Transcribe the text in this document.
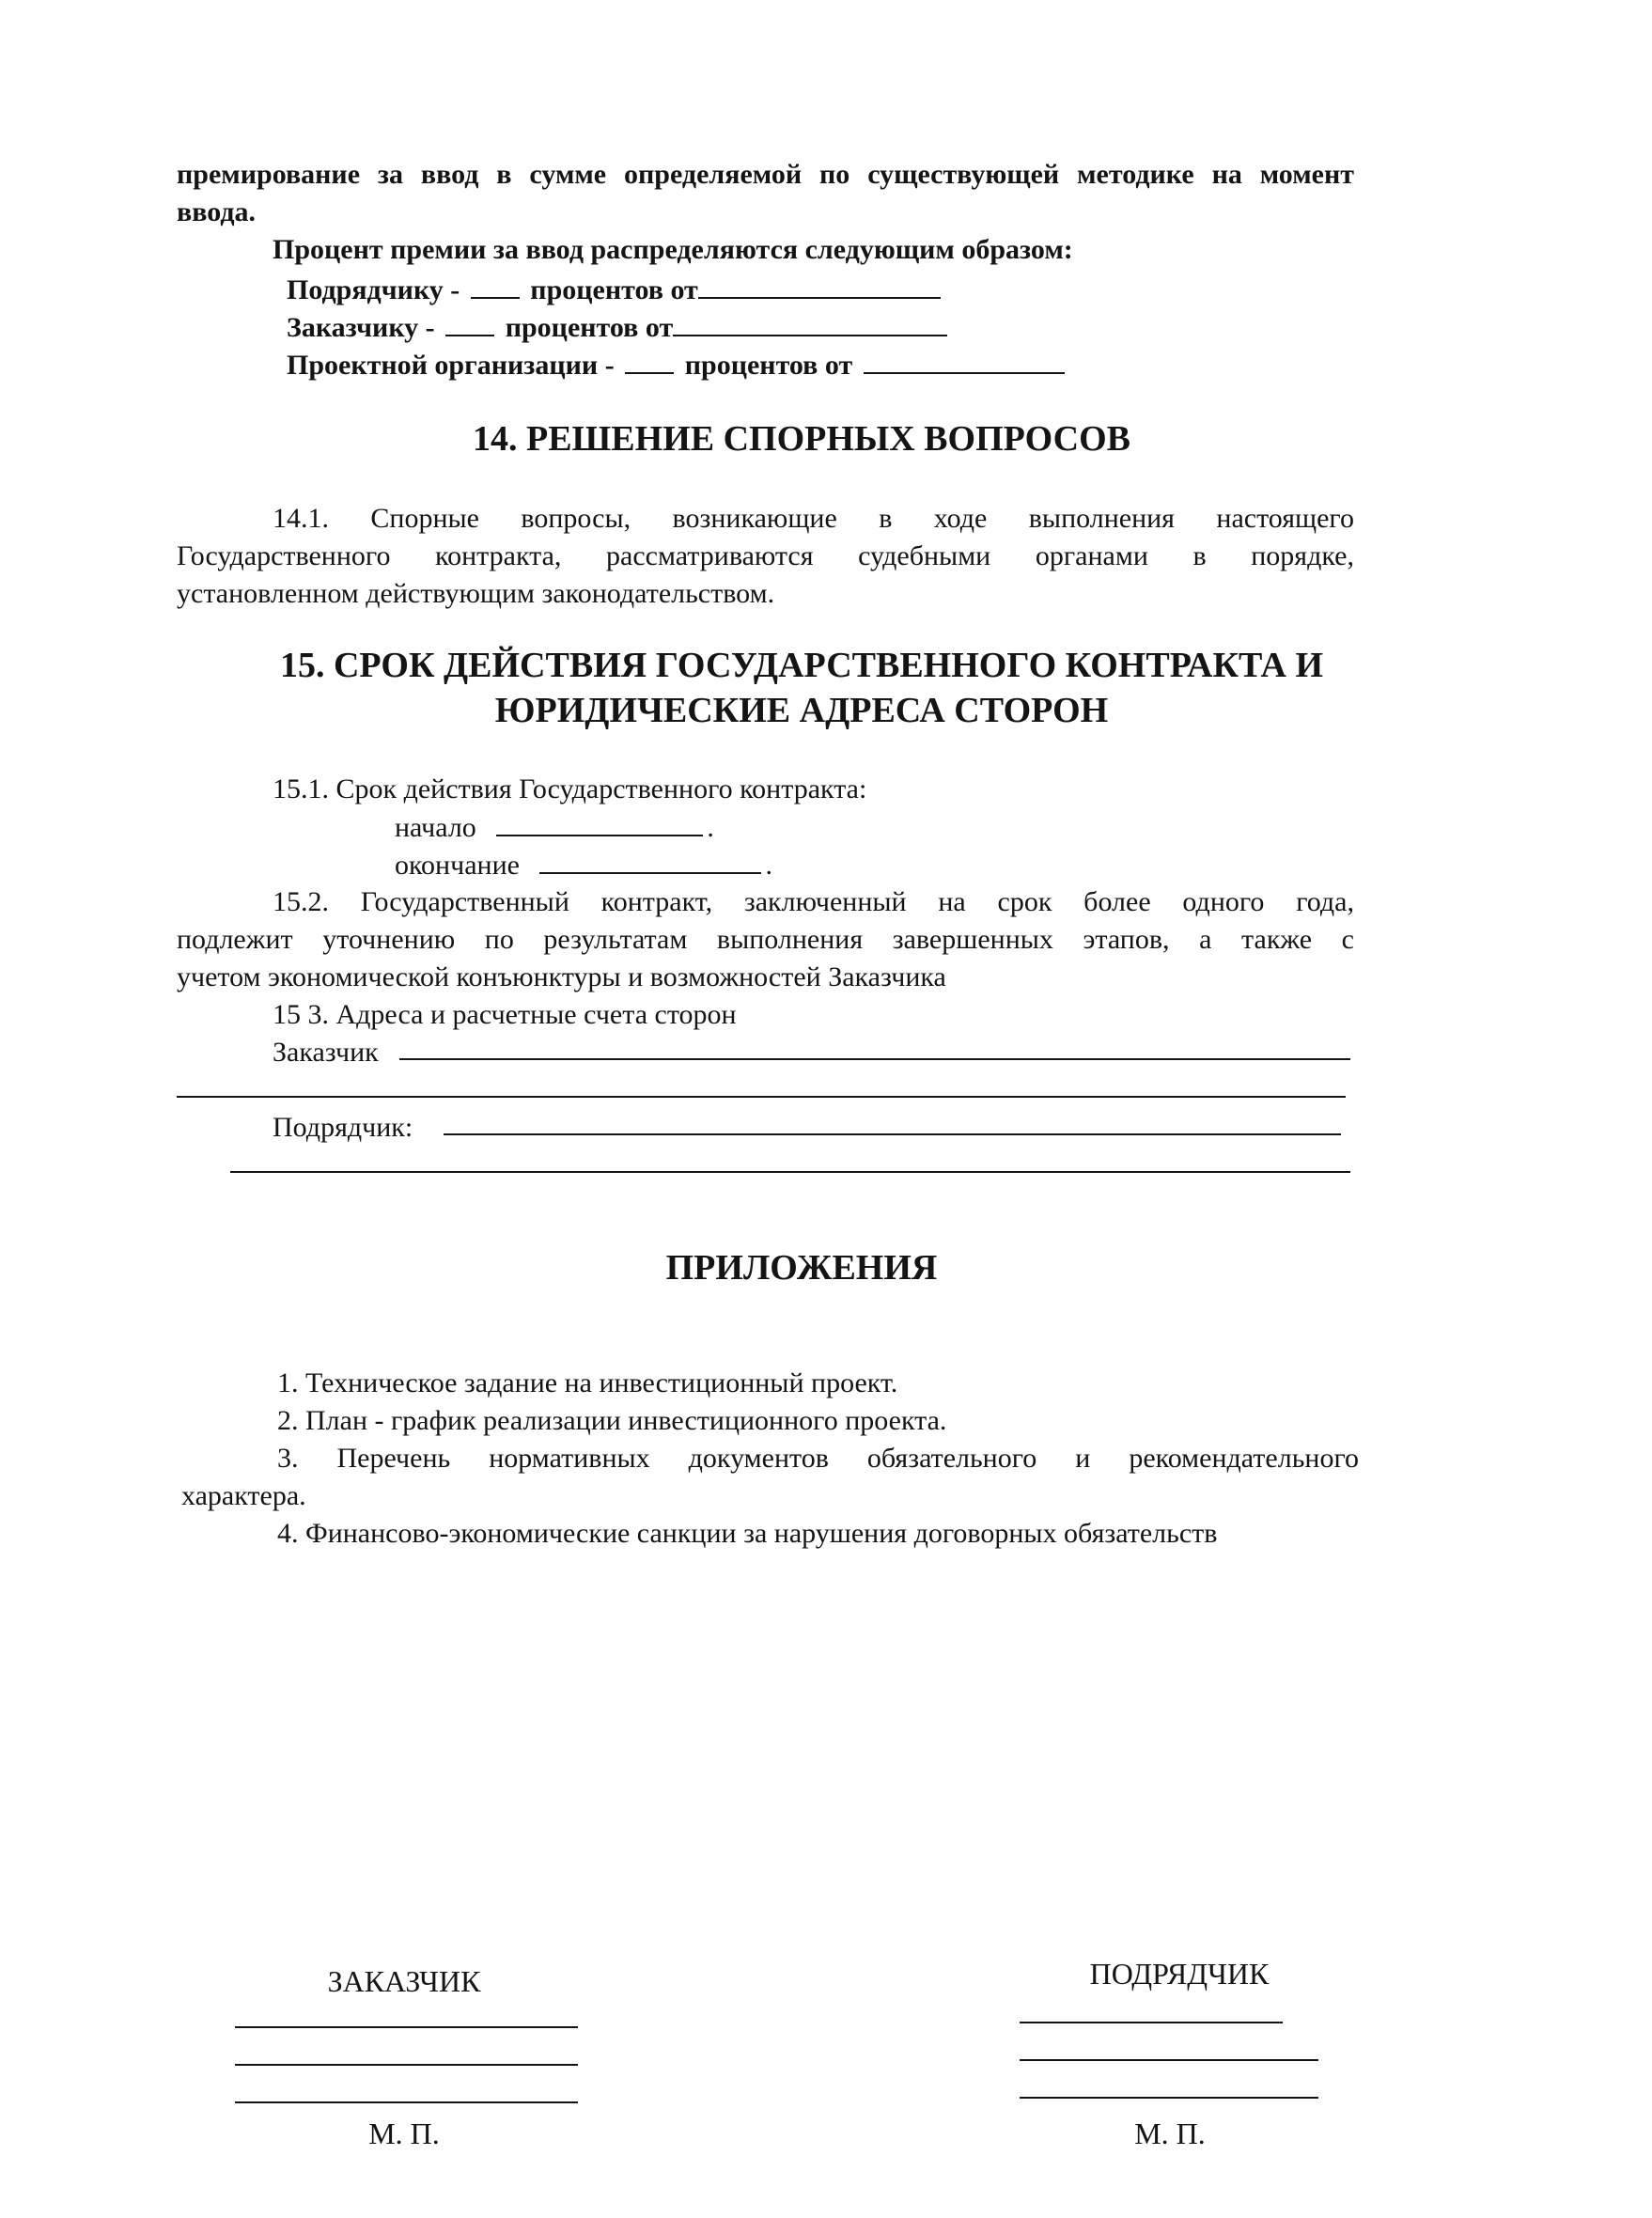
премирование за ввод в сумме определяемой по существующей методике на момент
ввода.
Процент премии за ввод распределяются следующим образом:
Подрядчику -	процентов от
Заказчику -	процентов от
Проектной организации -	процентов от
14. РЕШЕНИЕ СПОРНЫХ ВОПРОСОВ
14.1. Спорные вопросы, возникающие в ходе выполнения настоящего
Государственного контракта, рассматриваются судебными органами в порядке,
установленном действующим законодательством.
15. СРОК ДЕЙСТВИЯ ГОСУДАРСТВЕННОГО КОНТРАКТА И
ЮРИДИЧЕСКИЕ АДРЕСА СТОРОН
15.1. Срок действия Государственного контракта:
начало	.
окончание	.
15.2. Государственный контракт, заключенный на срок более одного года,
подлежит уточнению по результатам выполнения завершенных этапов, а также с
учетом экономической конъюнктуры и возможностей Заказчика
15 3. Адреса и расчетные счета сторон
Заказчик
Подрядчик:
ПРИЛОЖЕНИЯ
1. Техническое задание на инвестиционный проект.
2. План - график реализации инвестиционного проекта.
3. Перечень нормативных документов обязательного и рекомендательного
характера.
4. Финансово-экономические санкции за нарушения договорных обязательств
ЗАКАЗЧИК
М. П.
ПОДРЯДЧИК
М. П.
